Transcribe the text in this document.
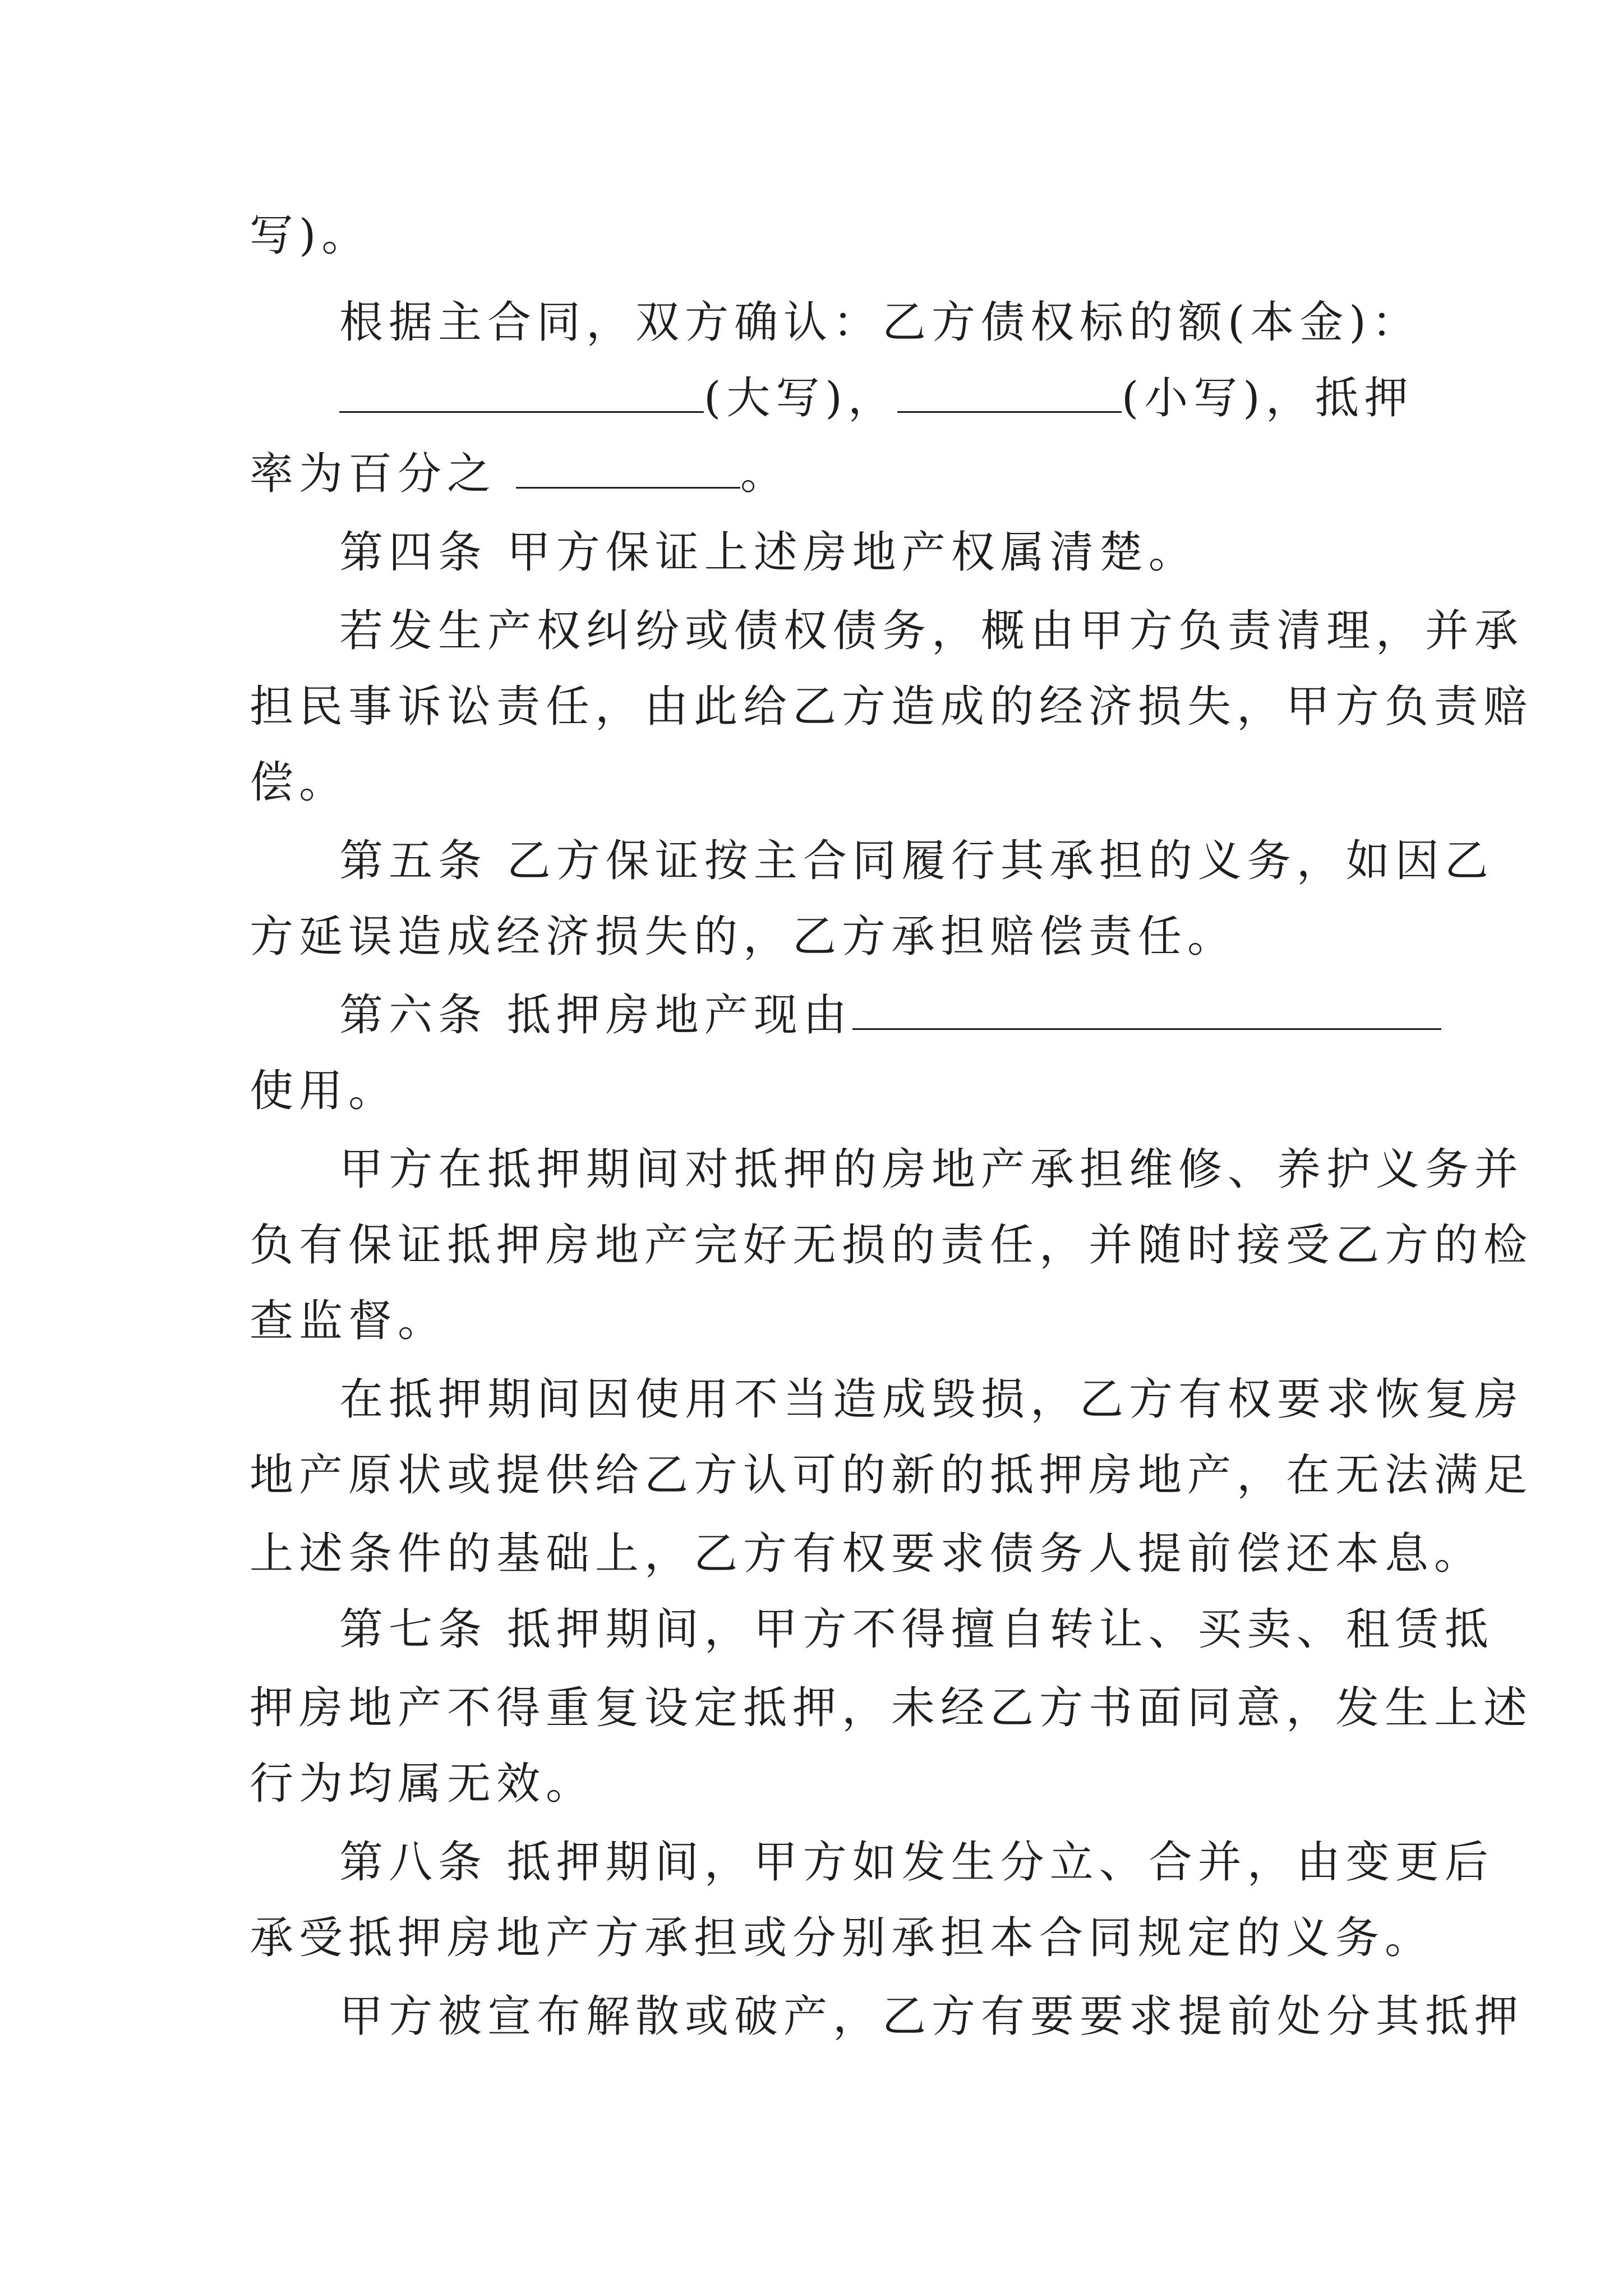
写)。
根据主合同，双方确认：乙方债权标的额(本金)：
(大写)，	(小写)，抵押
率为百分之	。
第四条 甲方保证上述房地产权属清楚。
若发生产权纠纷或债权债务，概由甲方负责清理，并承
担民事诉讼责任，由此给乙方造成的经济损失，甲方负责赔
偿。
第五条 乙方保证按主合同履行其承担的义务，如因乙
方延误造成经济损失的，乙方承担赔偿责任。
第六条 抵押房地产现由
使用。
甲方在抵押期间对抵押的房地产承担维修、养护义务并
负有保证抵押房地产完好无损的责任，并随时接受乙方的检
查监督。
在抵押期间因使用不当造成毁损，乙方有权要求恢复房
地产原状或提供给乙方认可的新的抵押房地产，在无法满足
上述条件的基础上，乙方有权要求债务人提前偿还本息。
第七条 抵押期间，甲方不得擅自转让、买卖、租赁抵
押房地产不得重复设定抵押，未经乙方书面同意，发生上述
行为均属无效。
第八条 抵押期间，甲方如发生分立、合并，由变更后
承受抵押房地产方承担或分别承担本合同规定的义务。
甲方被宣布解散或破产，乙方有要要求提前处分其抵押
